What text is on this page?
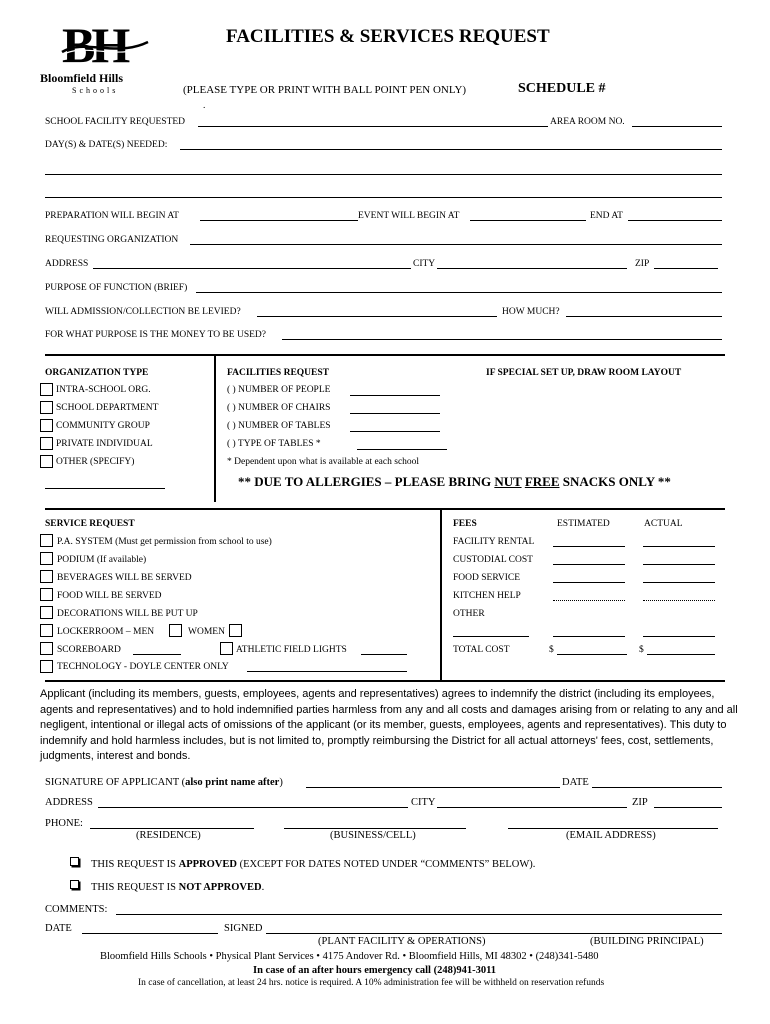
BH
Bloomfield Hills
Schools
FACILITIES & SERVICES REQUEST
(PLEASE TYPE OR PRINT WITH BALL POINT PEN ONLY)	SCHEDULE #
.
SCHOOL FACILITY REQUESTED	AREA ROOM NO.
DAY(S) & DATE(S) NEEDED:
PREPARATION WILL BEGIN AT	EVENT WILL BEGIN AT	END AT
REQUESTING ORGANIZATION
ADDRESS	CITY	ZIP
PURPOSE OF FUNCTION (BRIEF)
WILL ADMISSION/COLLECTION BE LEVIED?	HOW MUCH?
FOR WHAT PURPOSE IS THE MONEY TO BE USED?
ORGANIZATION TYPE
INTRA-SCHOOL ORG.
SCHOOL DEPARTMENT
COMMUNITY GROUP
PRIVATE INDIVIDUAL
OTHER (SPECIFY)
FACILITIES REQUEST
( ) NUMBER OF PEOPLE
( ) NUMBER OF CHAIRS
( ) NUMBER OF TABLES
( ) TYPE OF TABLES *
* Dependent upon what is available at each school
IF SPECIAL SET UP, DRAW ROOM LAYOUT
** DUE TO ALLERGIES – PLEASE BRING NUT FREE SNACKS ONLY **
SERVICE REQUEST
P.A. SYSTEM (Must get permission from school to use)
PODIUM (If available)
BEVERAGES WILL BE SERVED
FOOD WILL BE SERVED
DECORATIONS WILL BE PUT UP
LOCKERROOM – MEN	WOMEN
SCOREBOARD	ATHLETIC FIELD LIGHTS
TECHNOLOGY - DOYLE CENTER ONLY
FEES	ESTIMATED	ACTUAL
FACILITY RENTAL
CUSTODIAL COST
FOOD SERVICE
KITCHEN HELP
OTHER
TOTAL COST	$	$
Applicant (including its members, guests, employees, agents and representatives) agrees to indemnify the district (including its employees, agents and representatives) and to hold indemnified parties harmless from any and all costs and damages arising from or relating to any and all negligent, intentional or illegal acts of omissions of the applicant (or its member, guests, employees, agents and representatives). This duty to indemnify and hold harmless includes, but is not limited to, promptly reimbursing the District for all actual attorneys' fees, cost, settlements, judgments, interest and bonds.
SIGNATURE OF APPLICANT (also print name after)	DATE
ADDRESS	CITY	ZIP
PHONE:
(RESIDENCE)	(BUSINESS/CELL)	(EMAIL ADDRESS)
THIS REQUEST IS APPROVED (EXCEPT FOR DATES NOTED UNDER “COMMENTS” BELOW).
THIS REQUEST IS NOT APPROVED.
COMMENTS:
DATE	SIGNED
(PLANT FACILITY & OPERATIONS)	(BUILDING PRINCIPAL)
Bloomfield Hills Schools • Physical Plant Services • 4175 Andover Rd. • Bloomfield Hills, MI 48302 • (248)341-5480
In case of an after hours emergency call (248)941-3011
In case of cancellation, at least 24 hrs. notice is required. A 10% administration fee will be withheld on reservation refunds
